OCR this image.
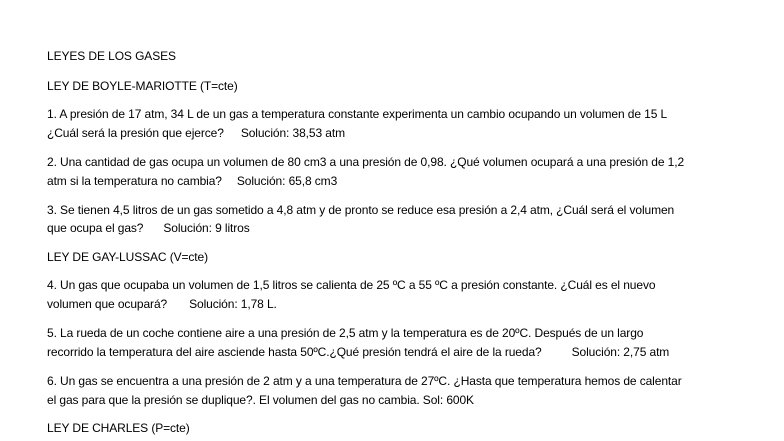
LEYES DE LOS GASES
LEY DE BOYLE-MARIOTTE (T=cte)
1. A presión de 17 atm, 34 L de un gas a temperatura constante experimenta un cambio ocupando un volumen de 15 L
¿Cuál será la presión que ejerce? Solución: 38,53 atm
2. Una cantidad de gas ocupa un volumen de 80 cm3 a una presión de 0,98. ¿Qué volumen ocupará a una presión de 1,2
atm si la temperatura no cambia? Solución: 65,8 cm3
3. Se tienen 4,5 litros de un gas sometido a 4,8 atm y de pronto se reduce esa presión a 2,4 atm, ¿Cuál será el volumen
que ocupa el gas? Solución: 9 litros
LEY DE GAY-LUSSAC (V=cte)
4. Un gas que ocupaba un volumen de 1,5 litros se calienta de 25 ºC a 55 ºC a presión constante. ¿Cuál es el nuevo
volumen que ocupará? Solución: 1,78 L.
5. La rueda de un coche contiene aire a una presión de 2,5 atm y la temperatura es de 20ºC. Después de un largo
recorrido la temperatura del aire asciende hasta 50ºC.¿Qué presión tendrá el aire de la rueda?	Solución: 2,75 atm
6. Un gas se encuentra a una presión de 2 atm y a una temperatura de 27ºC. ¿Hasta que temperatura hemos de calentar
el gas para que la presión se duplique?. El volumen del gas no cambia. Sol: 600K
LEY DE CHARLES (P=cte)
